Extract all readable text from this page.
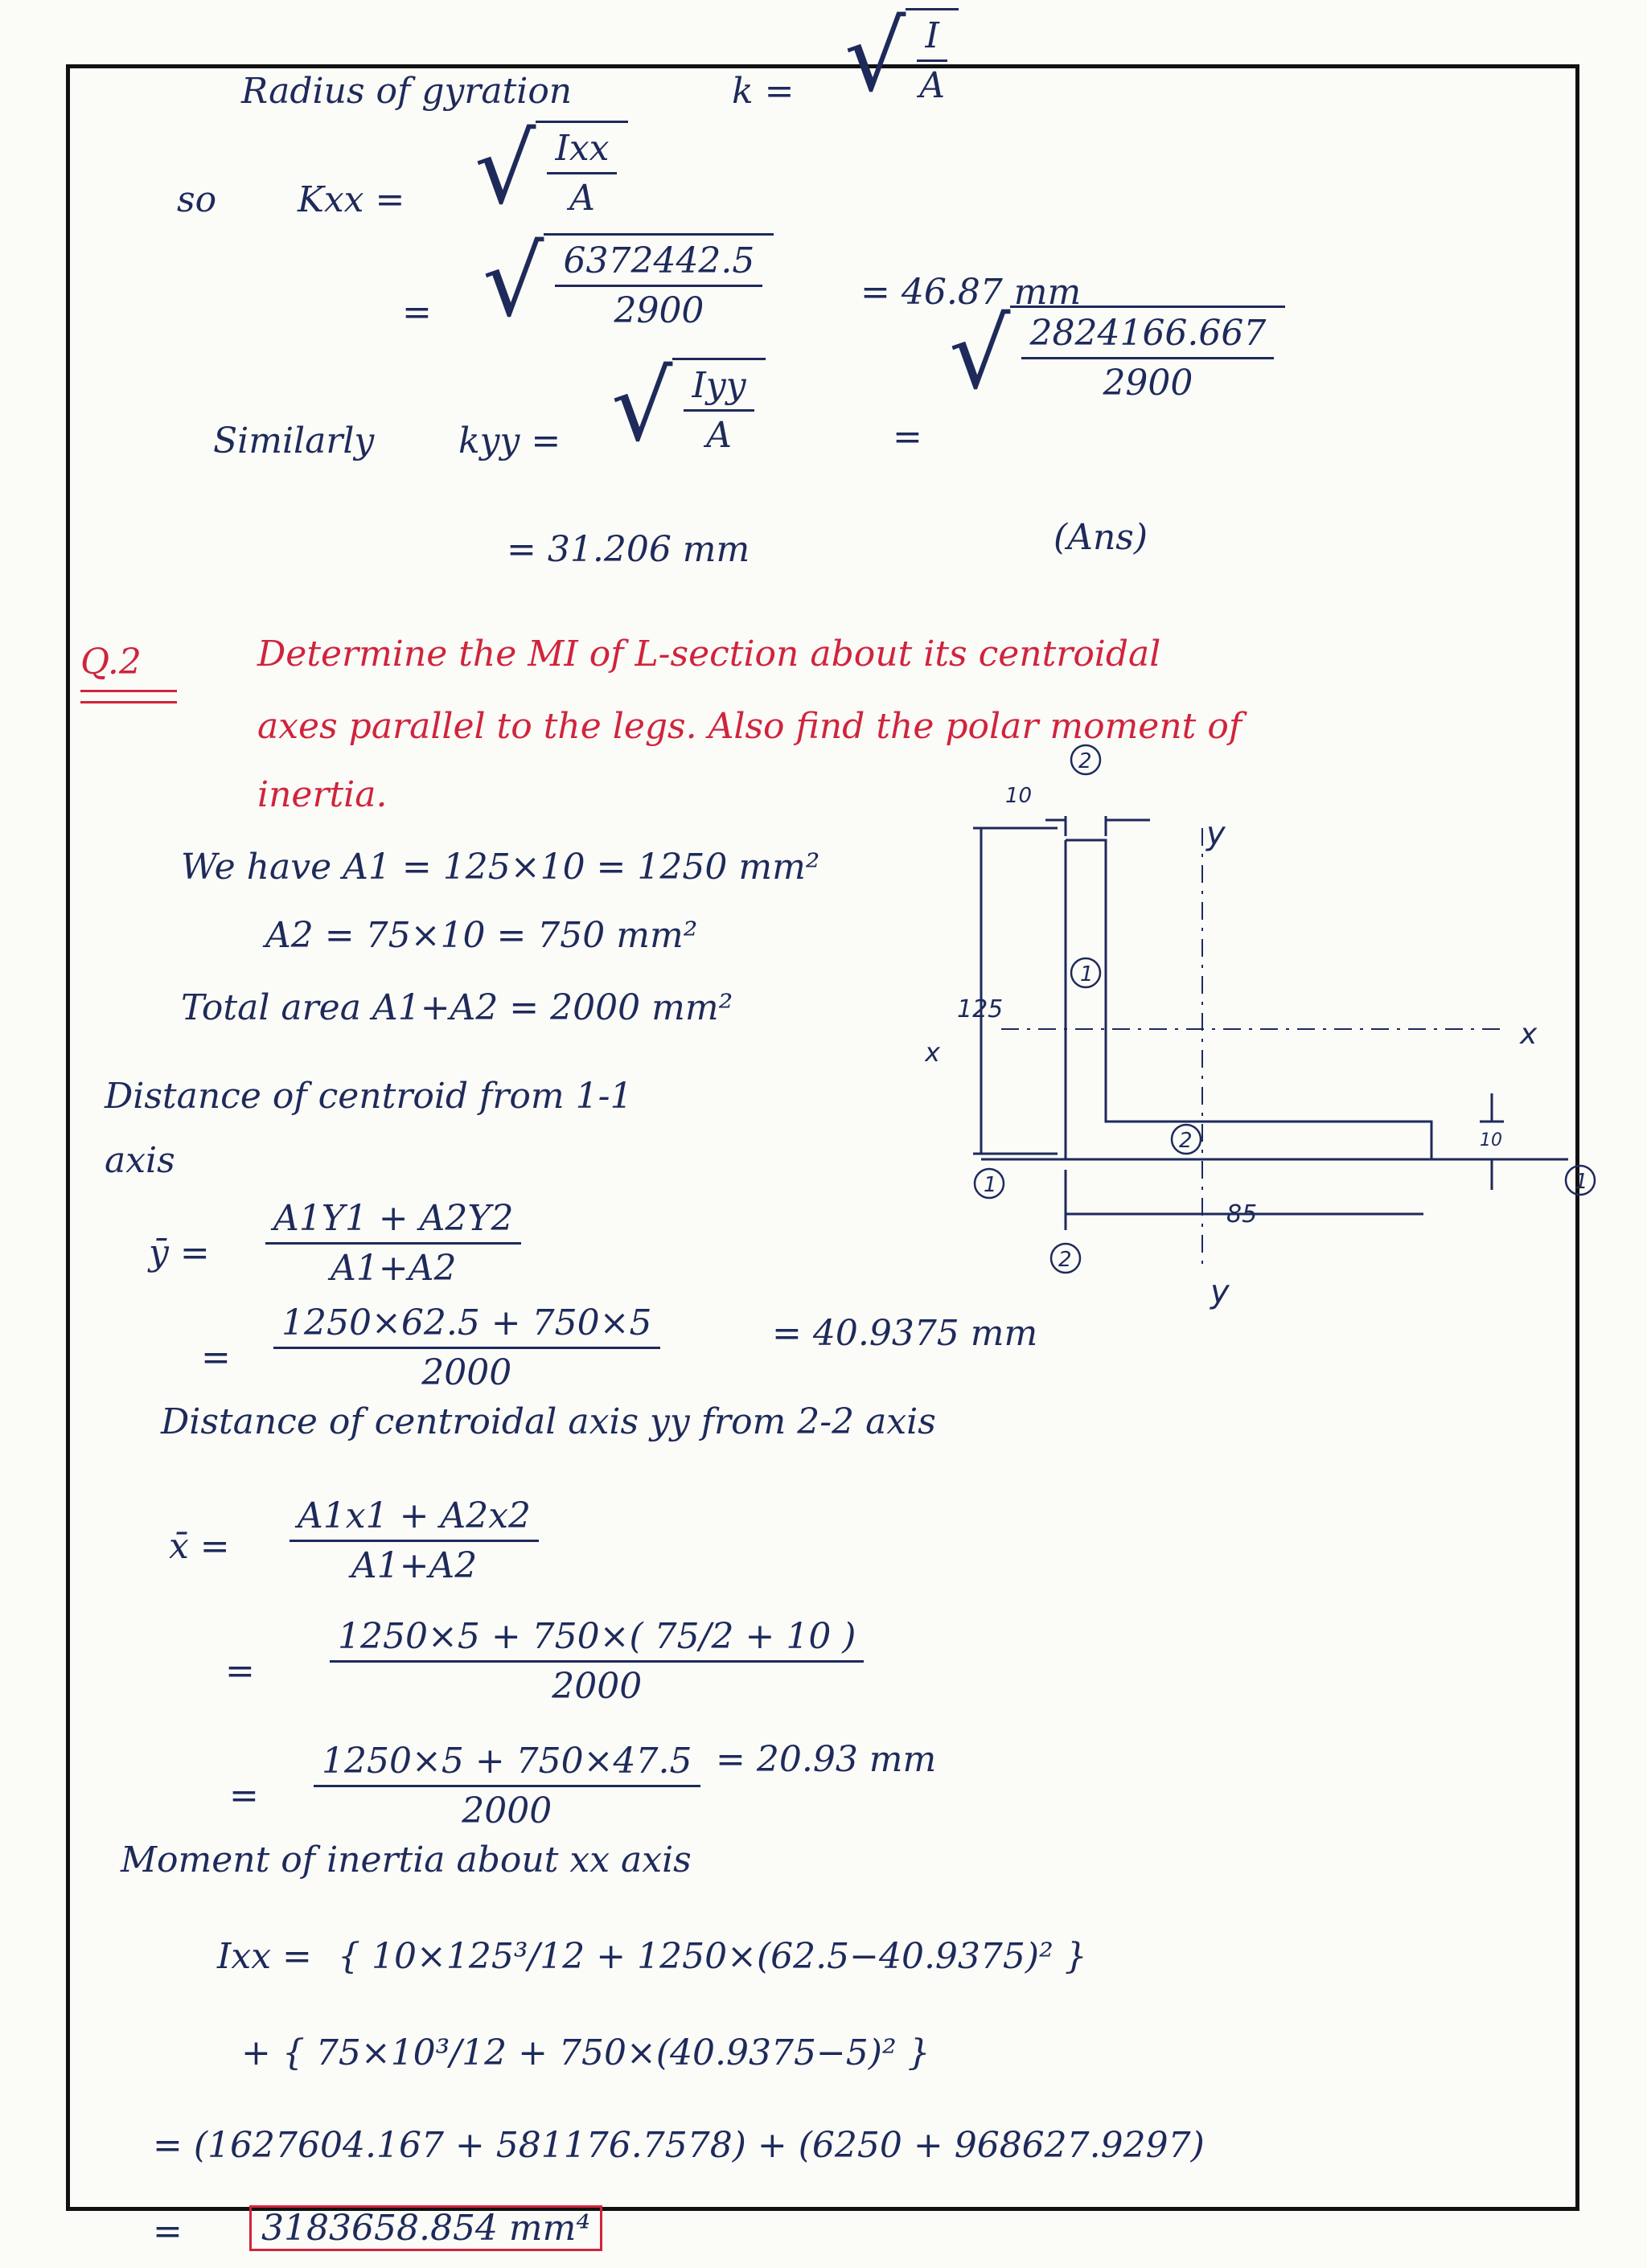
Radius of gyration	k = √ $\frac{I}{A}$
so Kxx = √ $\frac{\text{Ixx}}{A}$
= √ $\frac{6372442.5}{2900}$	= 46.87 mm
Similarly kyy = √ $\frac{\text{Iyy}}{A}$	=
√ $\frac{2824166.667}{2900}$
= 31.206 mm	(Ans)
Q.2	Determine the MI of L-section about its centroidal
axes parallel to the legs. Also find the polar moment of
inertia.
We have A1 = 125×10 = 1250 mm²
A2 = 75×10 = 750 mm²
Total area A1+A2 = 2000 mm²
Distance of centroid from 1-1
axis
ȳ = $\frac{A1Y1 + A2Y2}{A1+A2}$
= $\frac{1250\times 62.5 + 750\times 5}{2000}$	= 40.9375 mm
Distance of centroidal axis yy from 2-2 axis
x̄ = $\frac{A1x1 + A2x2}{A1+A2}$
= $\frac{1250\times 5 + 750\times( 75/2 + 10 )}{2000}$
= $\frac{1250\times 5 + 750\times 47.5}{2000} = 20.93$ mm
Moment of inertia about xx axis
Ixx = { 10×125³/12 + 1250×(62.5−40.9375)² }
+ { 75×10³/12 + 750×(40.9375−5)² }
= (1627604.167 + 581176.7578) + (6250 + 968627.9297)
=	3183658.854 mm⁴
10
125
10
85
x
x
y
y
2
1
2
1	1
2
